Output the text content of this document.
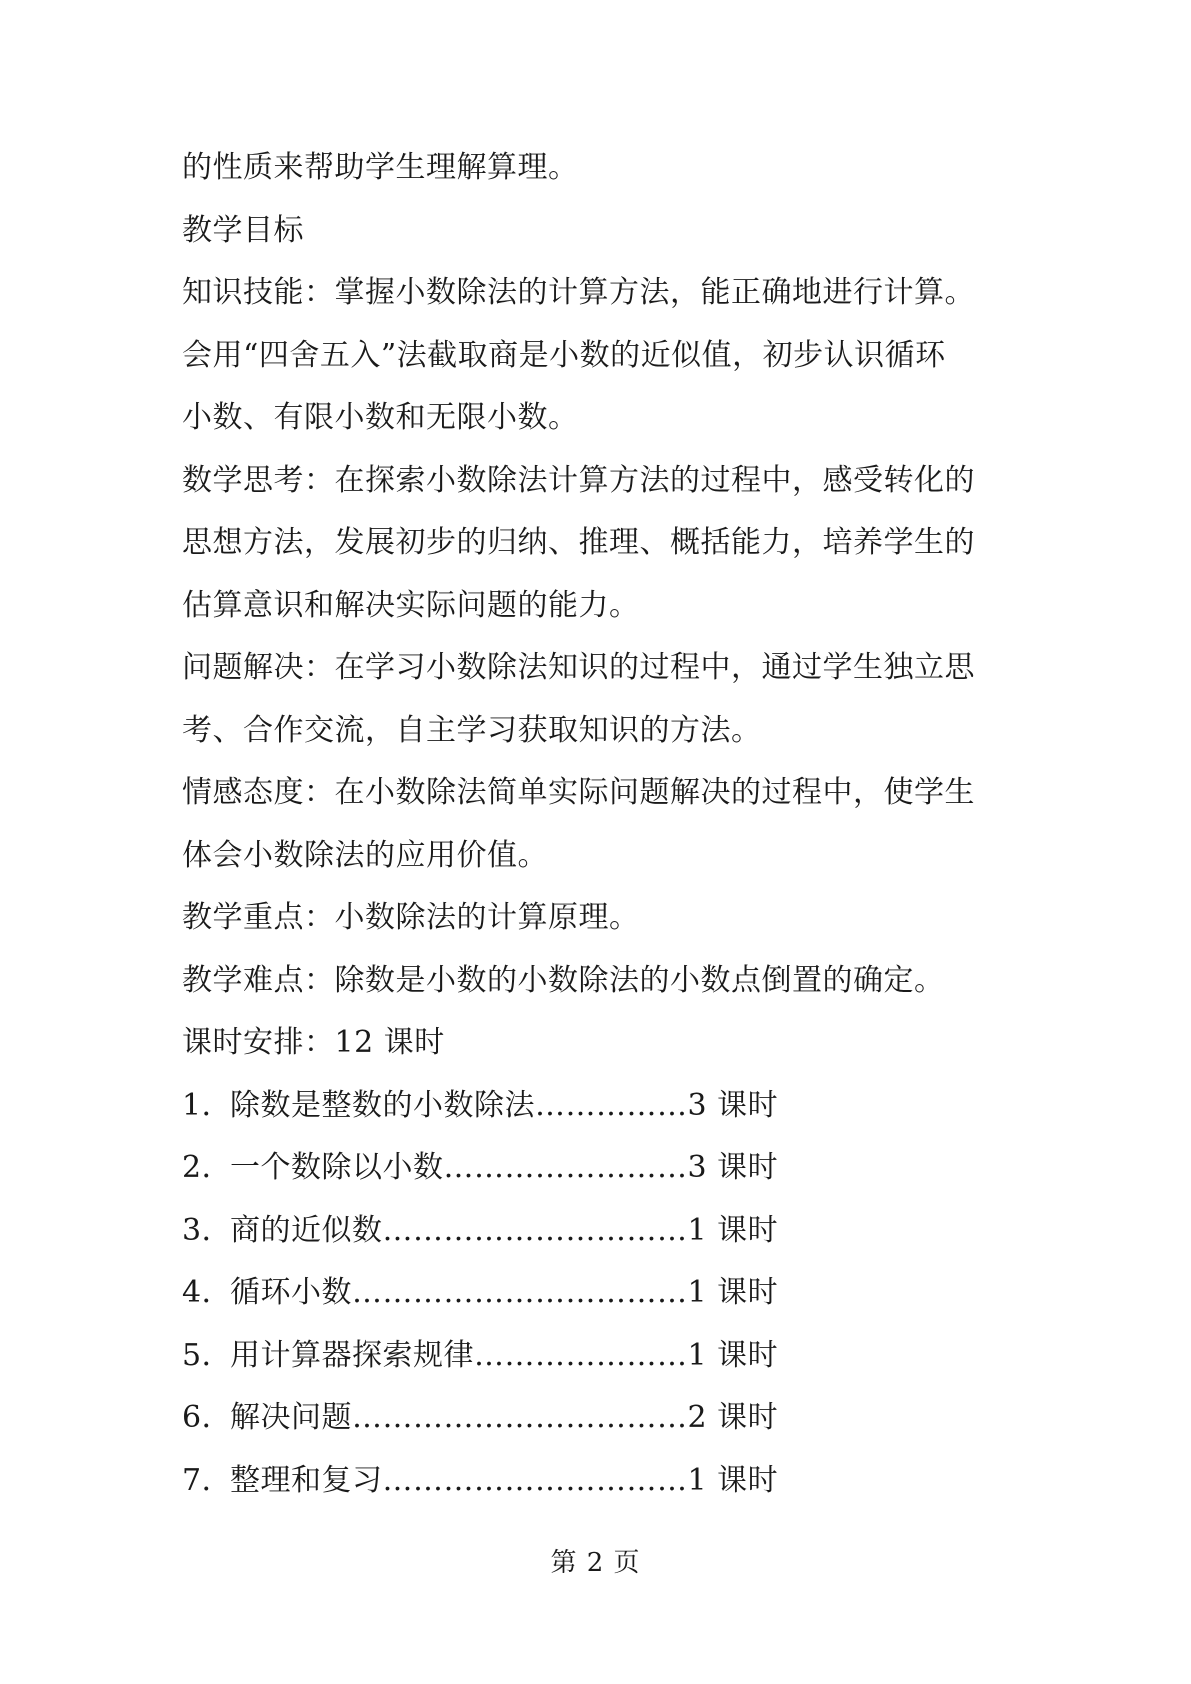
的性质来帮助学生理解算理。
教学目标
知识技能：掌握小数除法的计算方法，能正确地进行计算。
会用“四舍五入”法截取商是小数的近似值，初步认识循环
小数、有限小数和无限小数。
数学思考：在探索小数除法计算方法的过程中，感受转化的
思想方法，发展初步的归纳、推理、概括能力，培养学生的
估算意识和解决实际问题的能力。
问题解决：在学习小数除法知识的过程中，通过学生独立思
考、合作交流，自主学习获取知识的方法。
情感态度：在小数除法简单实际问题解决的过程中，使学生
体会小数除法的应用价值。
教学重点：小数除法的计算原理。
教学难点：除数是小数的小数除法的小数点倒置的确定。
课时安排：12 课时
1．
除数是整数的小数除法……………3 课时
2．
一个数除以小数……………………3 课时
3．
商的近似数…………………………1 课时
4．
循环小数……………………………1 课时
5．
用计算器探索规律…………………1 课时
6．
解决问题……………………………2 课时
7．
整理和复习…………………………1 课时
第 2 页
